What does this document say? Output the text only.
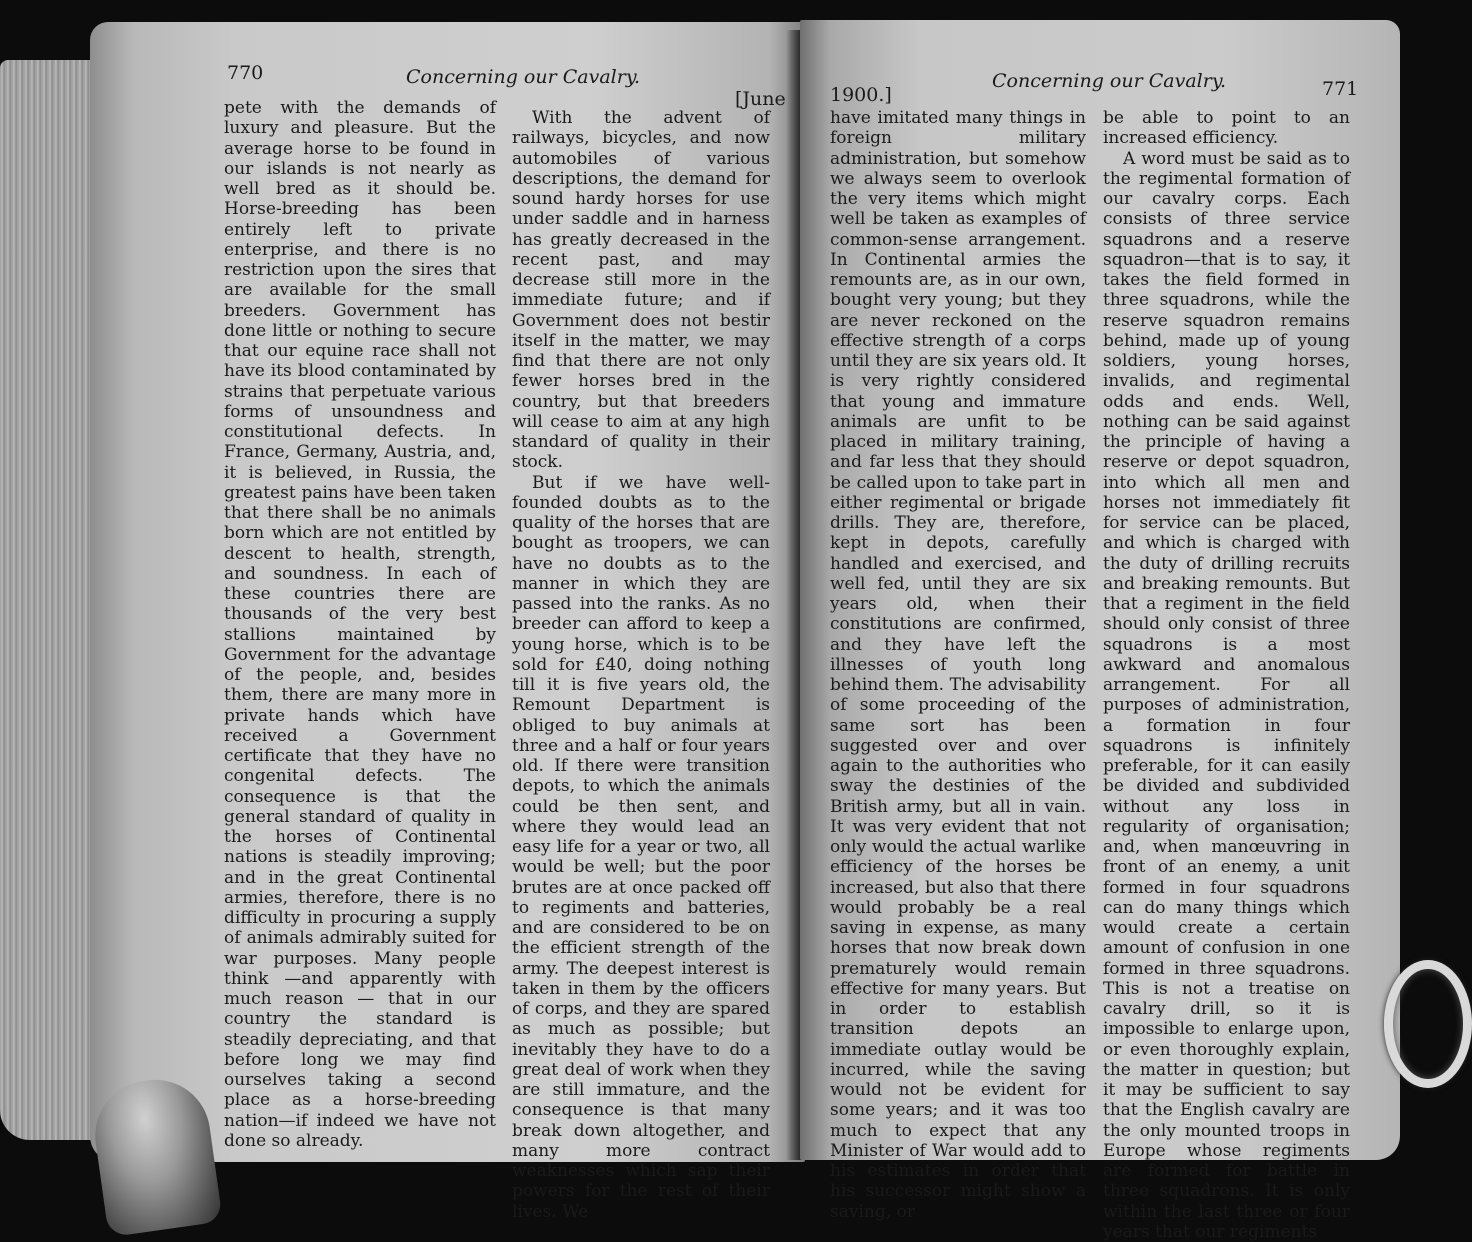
770	Concerning our Cavalry.
[June

pete with the demands of luxury and pleasure. But the average horse to be found in our islands is not nearly as well bred as it should be. Horse-breeding has been entirely left to private enterprise, and there is no restriction upon the sires that are available for the small breeders. Government has done little or nothing to secure that our equine race shall not have its blood contaminated by strains that perpetuate various forms of unsoundness and constitutional defects. In France, Germany, Austria, and, it is believed, in Russia, the greatest pains have been taken that there shall be no animals born which are not entitled by descent to health, strength, and soundness. In each of these countries there are thousands of the very best stallions maintained by Government for the advantage of the people, and, besides them, there are many more in private hands which have received a Government certificate that they have no congenital defects. The consequence is that the general standard of quality in the horses of Continental nations is steadily improving; and in the great Continental armies, therefore, there is no difficulty in procuring a supply of animals admirably suited for war purposes. Many people think —and apparently with much reason — that in our country the standard is steadily depreciating, and that before long we may find ourselves taking a second place as a horse-breeding nation—if indeed we have not done so already.

With the advent of railways, bicycles, and now automobiles of various descriptions, the demand for sound hardy horses for use under saddle and in harness has greatly decreased in the recent past, and may decrease still more in the immediate future; and if Government does not bestir itself in the matter, we may find that there are not only fewer horses bred in the country, but that breeders will cease to aim at any high standard of quality in their stock.

But if we have well-founded doubts as to the quality of the horses that are bought as troopers, we can have no doubts as to the manner in which they are passed into the ranks. As no breeder can afford to keep a young horse, which is to be sold for £40, doing nothing till it is five years old, the Remount Department is obliged to buy animals at three and a half or four years old. If there were transition depots, to which the animals could be then sent, and where they would lead an easy life for a year or two, all would be well; but the poor brutes are at once packed off to regiments and batteries, and are considered to be on the efficient strength of the army. The deepest interest is taken in them by the officers of corps, and they are spared as much as possible; but inevitably they have to do a great deal of work when they are still immature, and the consequence is that many break down altogether, and many more contract weaknesses which sap their powers for the rest of their lives. We

1900.]
Concerning our Cavalry.	771

have imitated many things in foreign military administration, but somehow we always seem to overlook the very items which might well be taken as examples of common-sense arrangement. In Continental armies the remounts are, as in our own, bought very young; but they are never reckoned on the effective strength of a corps until they are six years old. It is very rightly considered that young and immature animals are unfit to be placed in military training, and far less that they should be called upon to take part in either regimental or brigade drills. They are, therefore, kept in depots, carefully handled and exercised, and well fed, until they are six years old, when their constitutions are confirmed, and they have left the illnesses of youth long behind them. The advisability of some proceeding of the same sort has been suggested over and over again to the authorities who sway the destinies of the British army, but all in vain. It was very evident that not only would the actual warlike efficiency of the horses be increased, but also that there would probably be a real saving in expense, as many horses that now break down prematurely would remain effective for many years. But in order to establish transition depots an immediate outlay would be incurred, while the saving would not be evident for some years; and it was too much to expect that any Minister of War would add to his estimates in order that his successor might show a saving, or

be able to point to an increased efficiency.

A word must be said as to the regimental formation of our cavalry corps. Each consists of three service squadrons and a reserve squadron—that is to say, it takes the field formed in three squadrons, while the reserve squadron remains behind, made up of young soldiers, young horses, invalids, and regimental odds and ends. Well, nothing can be said against the principle of having a reserve or depot squadron, into which all men and horses not immediately fit for service can be placed, and which is charged with the duty of drilling recruits and breaking remounts. But that a regiment in the field should only consist of three squadrons is a most awkward and anomalous arrangement. For all purposes of administration, a formation in four squadrons is infinitely preferable, for it can easily be divided and subdivided without any loss in regularity of organisation; and, when manœuvring in front of an enemy, a unit formed in four squadrons can do many things which would create a certain amount of confusion in one formed in three squadrons. This is not a treatise on cavalry drill, so it is impossible to enlarge upon, or even thoroughly explain, the matter in question; but it may be sufficient to say that the English cavalry are the only mounted troops in Europe whose regiments are formed for battle in three squadrons. It is only within the last three or four years that our regiments
